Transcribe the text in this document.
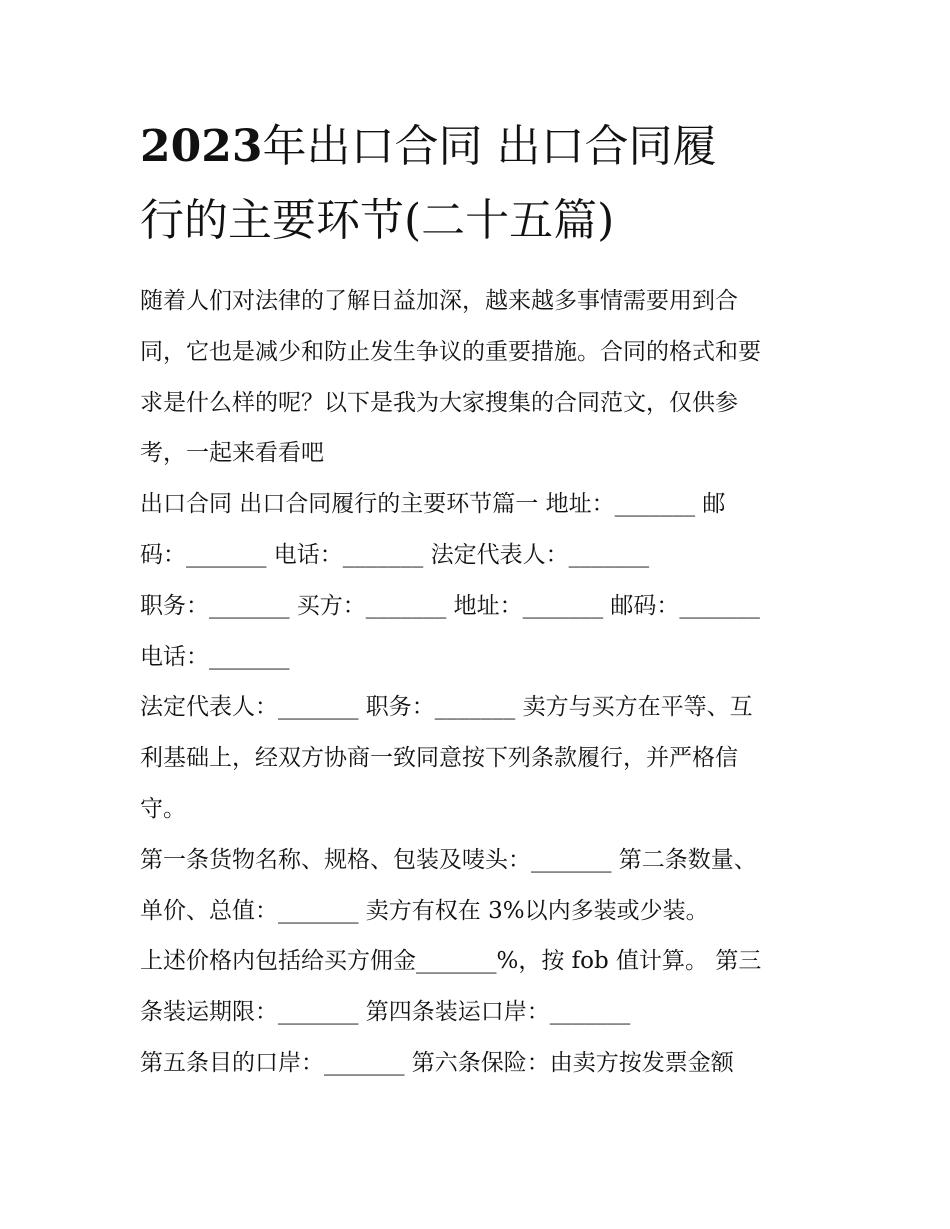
2023年出口合同 出口合同履
行的主要环节(二十五篇)
随着人们对法律的了解日益加深，越来越多事情需要用到合
同，它也是减少和防止发生争议的重要措施。合同的格式和要
求是什么样的呢？以下是我为大家搜集的合同范文，仅供参
考，一起来看看吧
出口合同 出口合同履行的主要环节篇一 地址：_______ 邮
码：_______ 电话：_______ 法定代表人：_______
职务：_______ 买方：_______ 地址：_______ 邮码：_______
电话：_______
法定代表人：_______ 职务：_______ 卖方与买方在平等、互
利基础上，经双方协商一致同意按下列条款履行，并严格信
守。
第一条货物名称、规格、包装及唛头：_______ 第二条数量、
单价、总值：_______ 卖方有权在 3%以内多装或少装。
上述价格内包括给买方佣金_______%，按 fob 值计算。 第三
条装运期限：_______ 第四条装运口岸：_______
第五条目的口岸：_______ 第六条保险：由卖方按发票金额
